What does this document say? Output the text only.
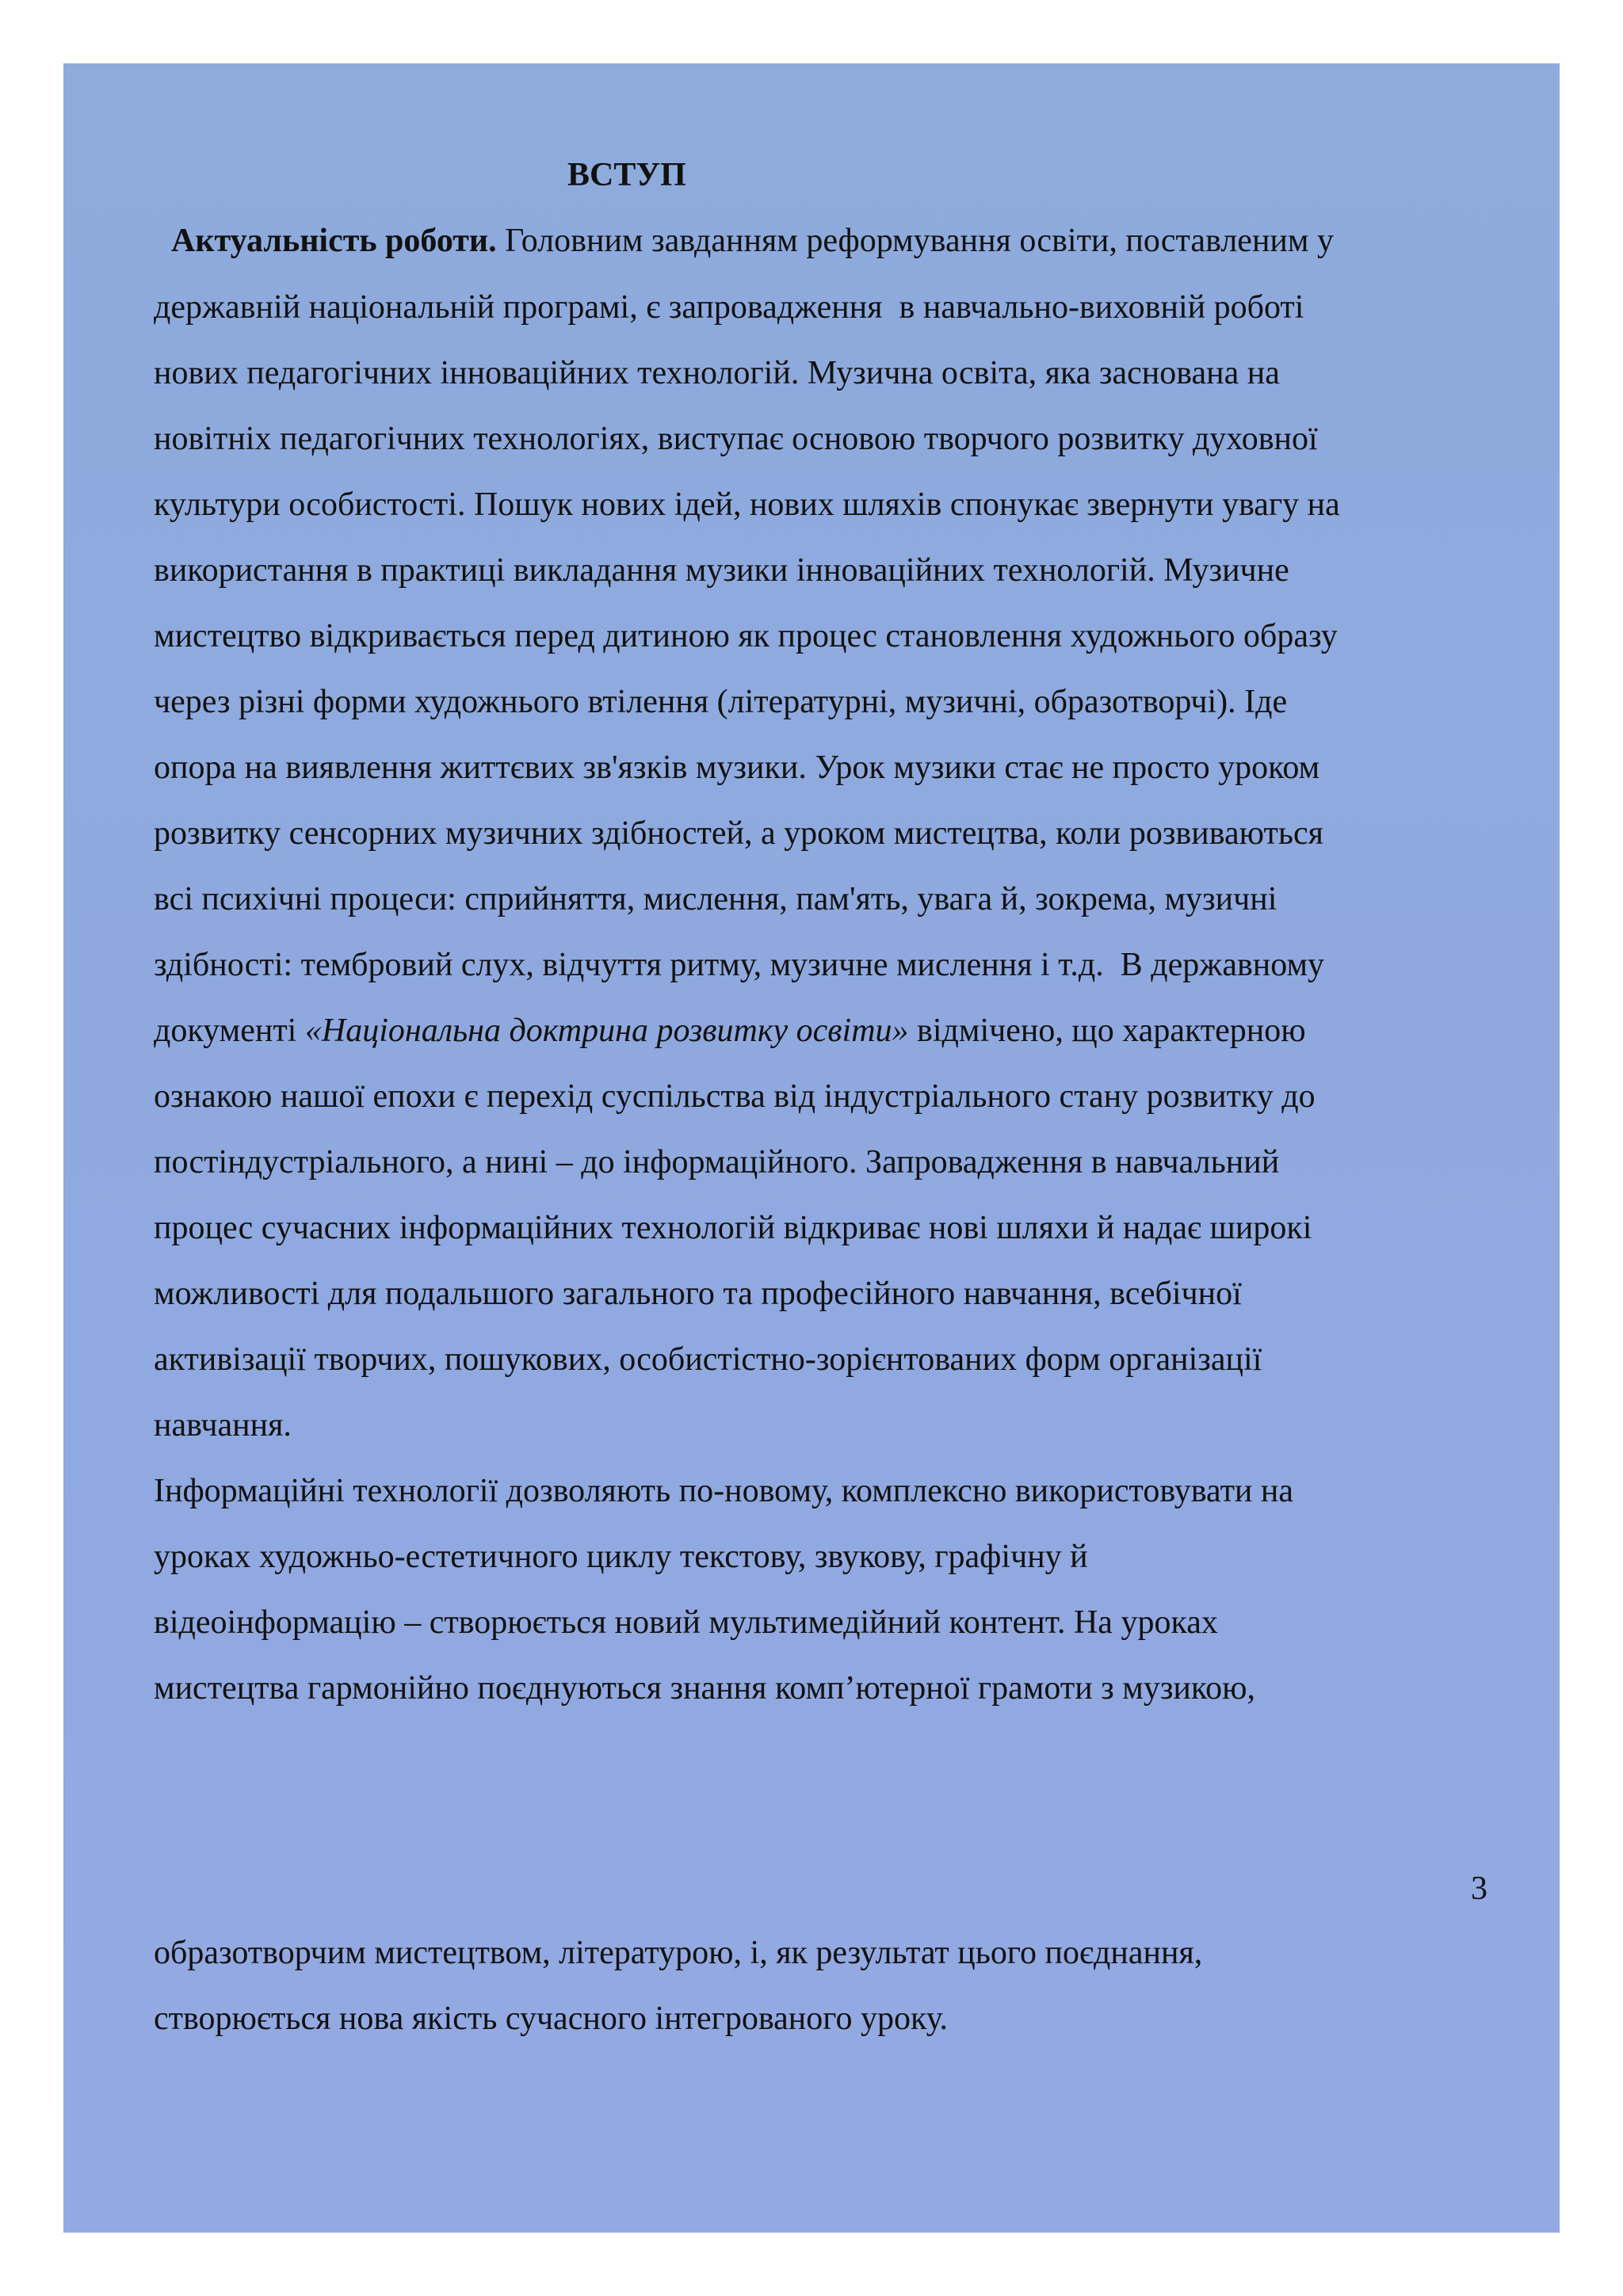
ВСТУП
Актуальність роботи. Головним завданням реформування освіти, поставленим у
державній національній програмі, є запровадження  в навчально-виховній роботі
нових педагогічних інноваційних технологій. Музична освіта, яка заснована на
новітніх педагогічних технологіях, виступає основою творчого розвитку духовної
культури особистості. Пошук нових ідей, нових шляхів спонукає звернути увагу на
використання в практиці викладання музики інноваційних технологій. Музичне
мистецтво відкривається перед дитиною як процес становлення художнього образу
через різні форми художнього втілення (літературні, музичні, образотворчі). Іде
опора на виявлення життєвих зв'язків музики. Урок музики стає не просто уроком
розвитку сенсорних музичних здібностей, а уроком мистецтва, коли розвиваються
всі психічні процеси: сприйняття, мислення, пам'ять, увага й, зокрема, музичні
здібності: тембровий слух, відчуття ритму, музичне мислення і т.д.  В державному
документі «Національна доктрина розвитку освіти» відмічено, що характерною
ознакою нашої епохи є перехід суспільства від індустріального стану розвитку до
постіндустріального, а нині – до інформаційного. Запровадження в навчальний
процес сучасних інформаційних технологій відкриває нові шляхи й надає широкі
можливості для подальшого загального та професійного навчання, всебічної
активізації творчих, пошукових, особистістно-зорієнтованих форм організації
навчання.
Інформаційні технології дозволяють по-новому, комплексно використовувати на
уроках художньо-естетичного циклу текстову, звукову, графічну й
відеоінформацію – створюється новий мультимедійний контент. На уроках
мистецтва гармонійно поєднуються знання комп’ютерної грамоти з музикою,
3
образотворчим мистецтвом, літературою, і, як результат цього поєднання,
створюється нова якість сучасного інтегрованого уроку.
